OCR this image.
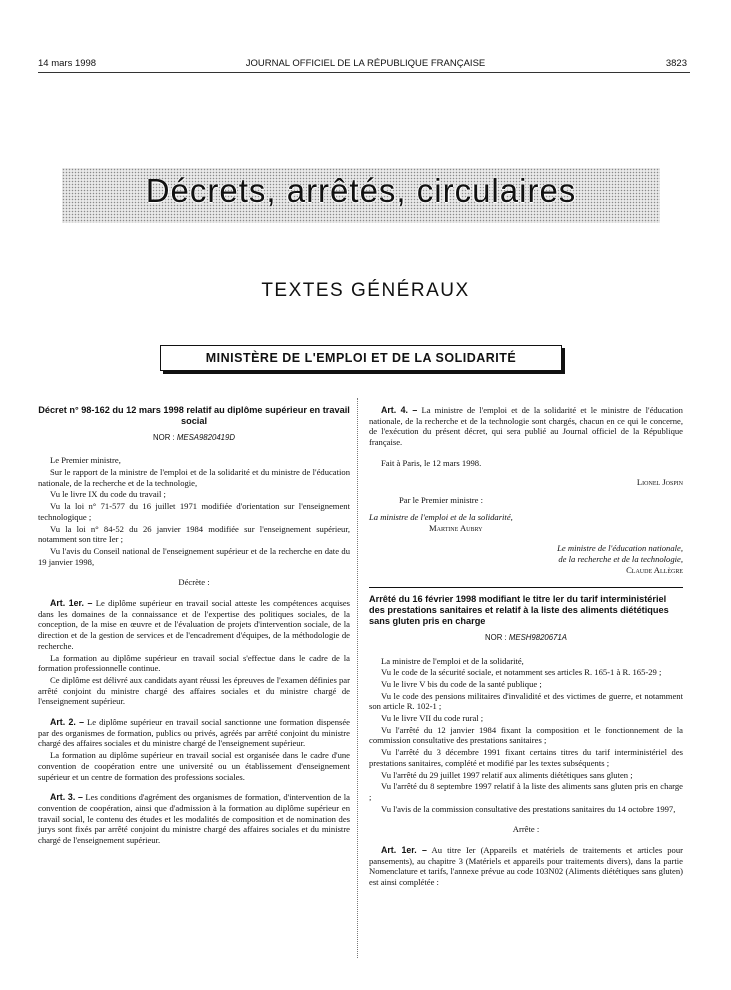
14 mars 1998	JOURNAL OFFICIEL DE LA RÉPUBLIQUE FRANÇAISE	3823
Décrets, arrêtés, circulaires
TEXTES GÉNÉRAUX
MINISTÈRE DE L'EMPLOI ET DE LA SOLIDARITÉ
Décret n° 98-162 du 12 mars 1998 relatif au diplôme supérieur en travail social
NOR : MESA9820419D

Le Premier ministre,

Sur le rapport de la ministre de l'emploi et de la solidarité et du ministre de l'éducation nationale, de la recherche et de la technologie,

Vu le livre IX du code du travail ;

Vu la loi n° 71-577 du 16 juillet 1971 modifiée d'orientation sur l'enseignement technologique ;

Vu la loi n° 84-52 du 26 janvier 1984 modifiée sur l'enseignement supérieur, notamment son titre Ier ;

Vu l'avis du Conseil national de l'enseignement supérieur et de la recherche en date du 19 janvier 1998,

Décrète :

Art. 1er. – Le diplôme supérieur en travail social atteste les compétences acquises dans les domaines de la connaissance et de l'expertise des politiques sociales, de la conception, de la mise en œuvre et de l'évaluation de projets d'intervention sociale, de la direction et de la gestion de services et de l'encadrement d'équipes, de la méthodologie de recherche.

La formation au diplôme supérieur en travail social s'effectue dans le cadre de la formation professionnelle continue.

Ce diplôme est délivré aux candidats ayant réussi les épreuves de l'examen définies par arrêté conjoint du ministre chargé des affaires sociales et du ministre chargé de l'enseignement supérieur.

Art. 2. – Le diplôme supérieur en travail social sanctionne une formation dispensée par des organismes de formation, publics ou privés, agréés par arrêté conjoint du ministre chargé des affaires sociales et du ministre chargé de l'enseignement supérieur.

La formation au diplôme supérieur en travail social est organisée dans le cadre d'une convention de coopération entre une université ou un établissement d'enseignement supérieur et un centre de formation des professions sociales.

Art. 3. – Les conditions d'agrément des organismes de formation, d'intervention de la convention de coopération, ainsi que d'admission à la formation au diplôme supérieur en travail social, le contenu des études et les modalités de composition et de nomination des jurys sont fixés par arrêté conjoint du ministre chargé des affaires sociales et du ministre chargé de l'enseignement supérieur.

Art. 4. – La ministre de l'emploi et de la solidarité et le ministre de l'éducation nationale, de la recherche et de la technologie sont chargés, chacun en ce qui le concerne, de l'exécution du présent décret, qui sera publié au Journal officiel de la République française.

Fait à Paris, le 12 mars 1998.

Lionel Jospin
Par le Premier ministre :
La ministre de l'emploi et de la solidarité,
Martine Aubry
Le ministre de l'éducation nationale,
de la recherche et de la technologie,
Claude Allègre
Arrêté du 16 février 1998 modifiant le titre Ier du tarif interministériel des prestations sanitaires et relatif à la liste des aliments diététiques sans gluten pris en charge
NOR : MESH9820671A

La ministre de l'emploi et de la solidarité,

Vu le code de la sécurité sociale, et notamment ses articles R. 165-1 à R. 165-29 ;

Vu le livre V bis du code de la santé publique ;

Vu le code des pensions militaires d'invalidité et des victimes de guerre, et notamment son article R. 102-1 ;

Vu le livre VII du code rural ;

Vu l'arrêté du 12 janvier 1984 fixant la composition et le fonctionnement de la commission consultative des prestations sanitaires ;

Vu l'arrêté du 3 décembre 1991 fixant certains titres du tarif interministériel des prestations sanitaires, complété et modifié par les textes subséquents ;

Vu l'arrêté du 29 juillet 1997 relatif aux aliments diététiques sans gluten ;

Vu l'arrêté du 8 septembre 1997 relatif à la liste des aliments sans gluten pris en charge ;

Vu l'avis de la commission consultative des prestations sanitaires du 14 octobre 1997,

Arrête :

Art. 1er. – Au titre Ier (Appareils et matériels de traitements et articles pour pansements), au chapitre 3 (Matériels et appareils pour traitements divers), dans la partie Nomenclature et tarifs, l'annexe prévue au code 103N02 (Aliments diététiques sans gluten) est ainsi complétée :
